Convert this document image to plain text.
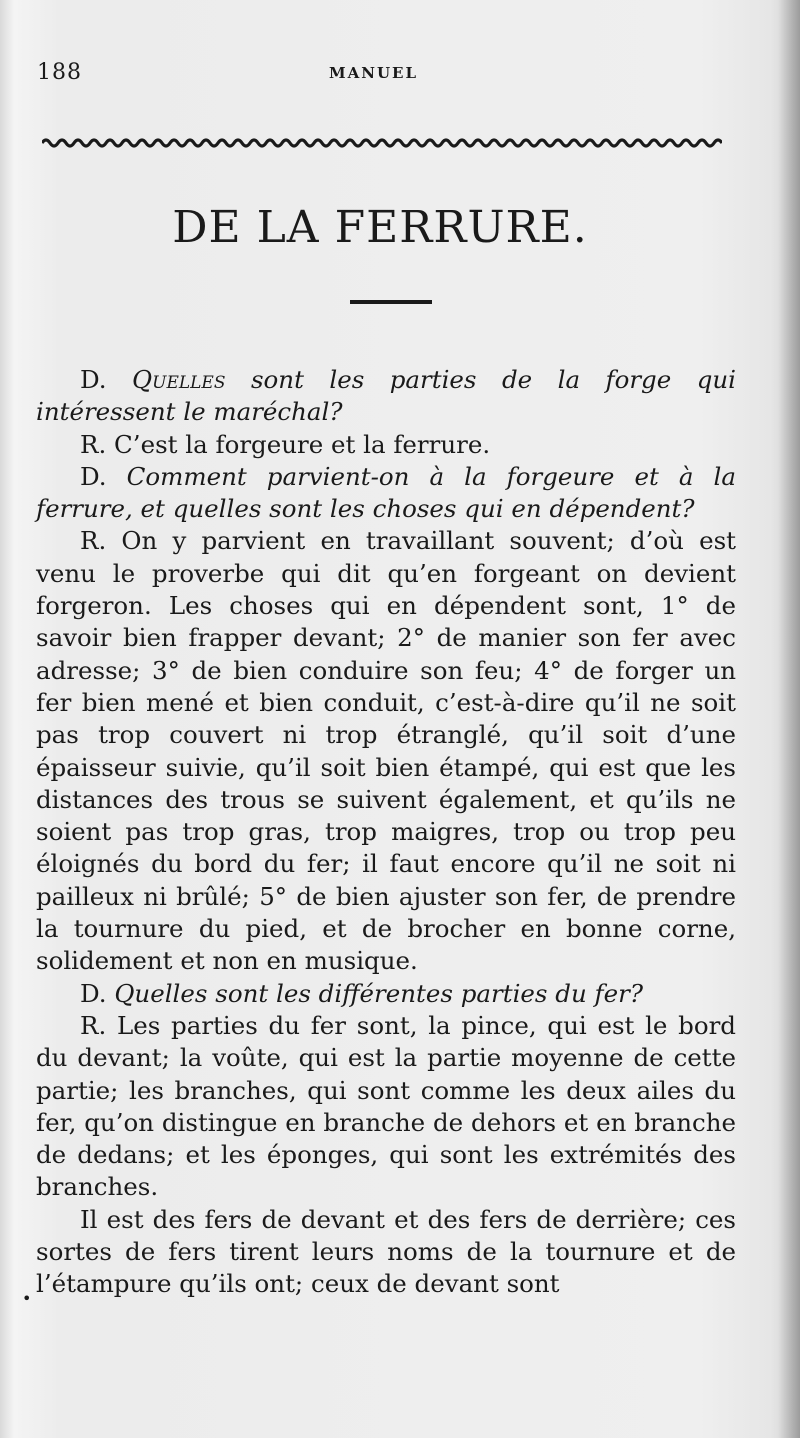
188	MANUEL
DE LA FERRURE.

D. Quelles sont les parties de la forge qui intéressent le maréchal?

R. C’est la forgeure et la ferrure.

D. Comment parvient-on à la forgeure et à la ferrure, et quelles sont les choses qui en dépendent?

R. On y parvient en travaillant souvent; d’où est venu le proverbe qui dit qu’en forgeant on devient forgeron. Les choses qui en dépendent sont, 1° de savoir bien frapper devant; 2° de manier son fer avec adresse; 3° de bien conduire son feu; 4° de forger un fer bien mené et bien conduit, c’est-à-dire qu’il ne soit pas trop couvert ni trop étranglé, qu’il soit d’une épaisseur suivie, qu’il soit bien étampé, qui est que les distances des trous se suivent également, et qu’ils ne soient pas trop gras, trop maigres, trop ou trop peu éloignés du bord du fer; il faut encore qu’il ne soit ni pailleux ni brûlé; 5° de bien ajuster son fer, de prendre la tournure du pied, et de brocher en bonne corne, solidement et non en musique.

D. Quelles sont les différentes parties du fer?

R. Les parties du fer sont, la pince, qui est le bord du devant; la voûte, qui est la partie moyenne de cette partie; les branches, qui sont comme les deux ailes du fer, qu’on distingue en branche de dehors et en branche de dedans; et les éponges, qui sont les extrémités des branches.

Il est des fers de devant et des fers de derrière; ces sortes de fers tirent leurs noms de la tournure et de l’étampure qu’ils ont; ceux de devant sont

•
